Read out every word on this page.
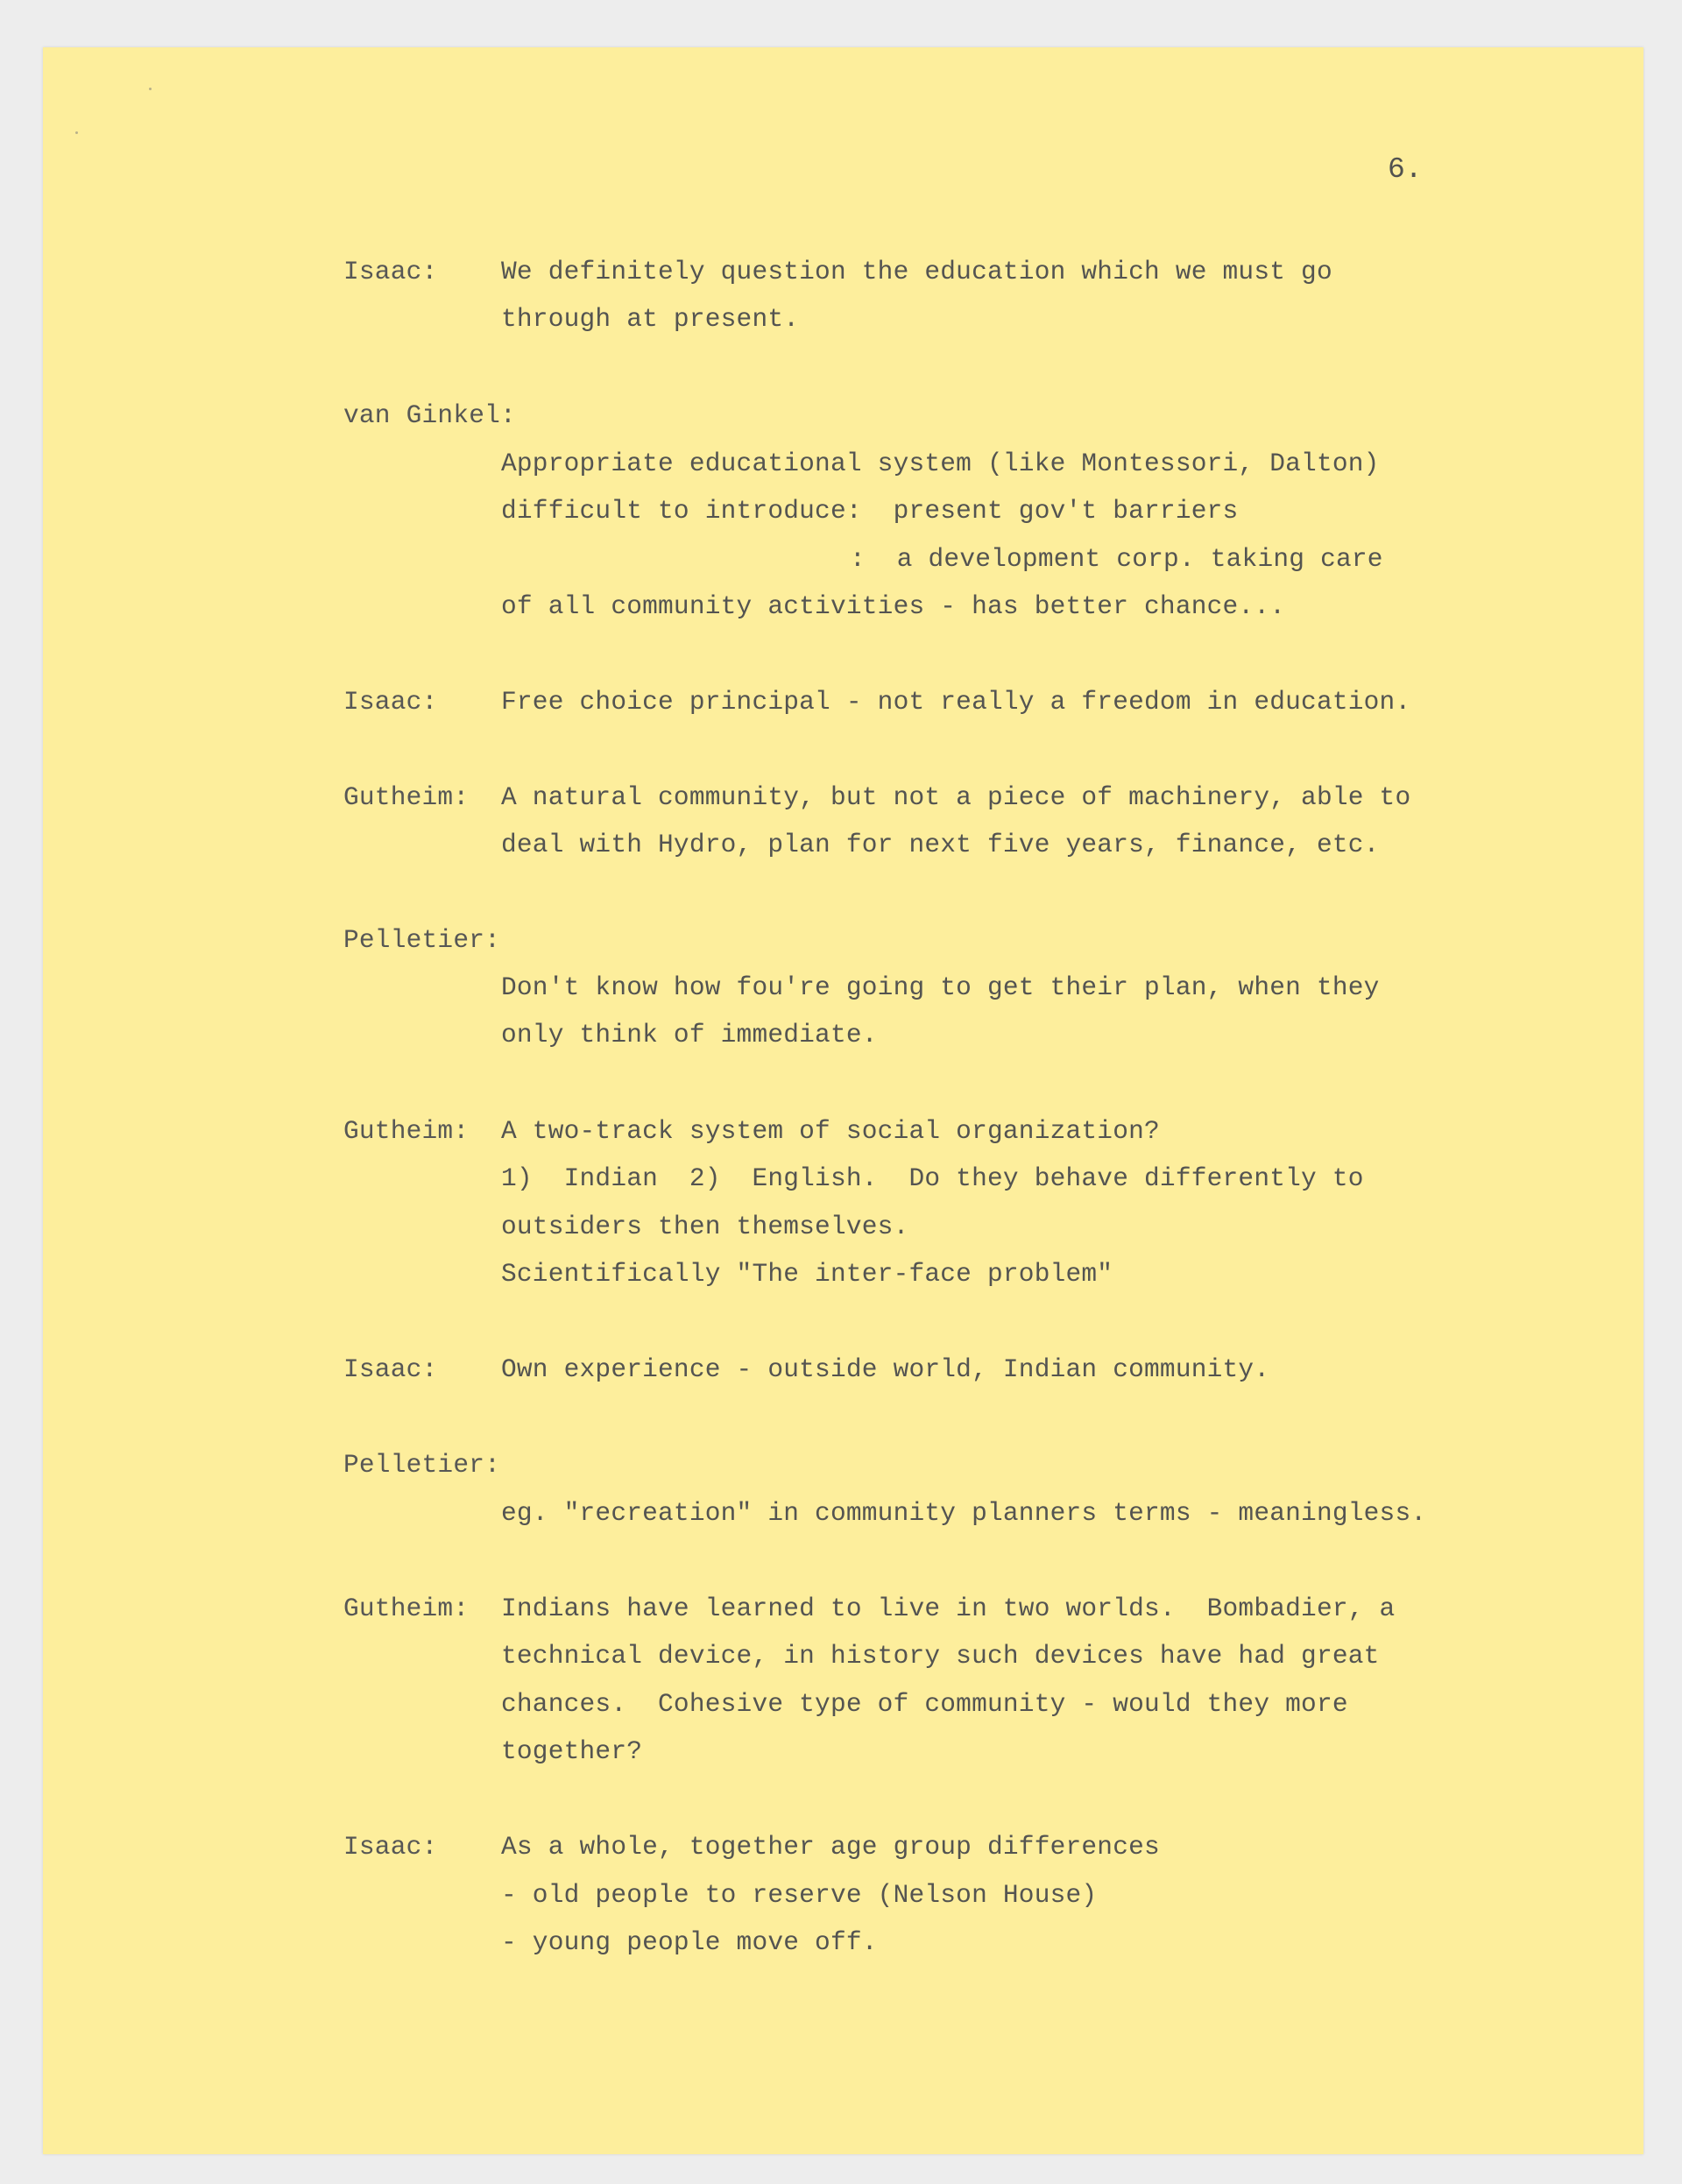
6.
Isaac: We definitely question the education which we must go
through at present.
van Ginkel:
Appropriate educational system (like Montessori, Dalton)
difficult to introduce:  present gov't barriers
:  a development corp. taking care
of all community activities - has better chance...
Isaac: Free choice principal - not really a freedom in education.
Gutheim: A natural community, but not a piece of machinery, able to
deal with Hydro, plan for next five years, finance, etc.
Pelletier:
Don't know how fou're going to get their plan, when they
only think of immediate.
Gutheim: A two-track system of social organization?
1)  Indian  2)  English.  Do they behave differently to
outsiders then themselves.
Scientifically "The inter-face problem"
Isaac: Own experience - outside world, Indian community.
Pelletier:
eg. "recreation" in community planners terms - meaningless.
Gutheim: Indians have learned to live in two worlds.  Bombadier, a
technical device, in history such devices have had great
chances.  Cohesive type of community - would they more
together?
Isaac: As a whole, together age group differences
- old people to reserve (Nelson House)
- young people move off.
